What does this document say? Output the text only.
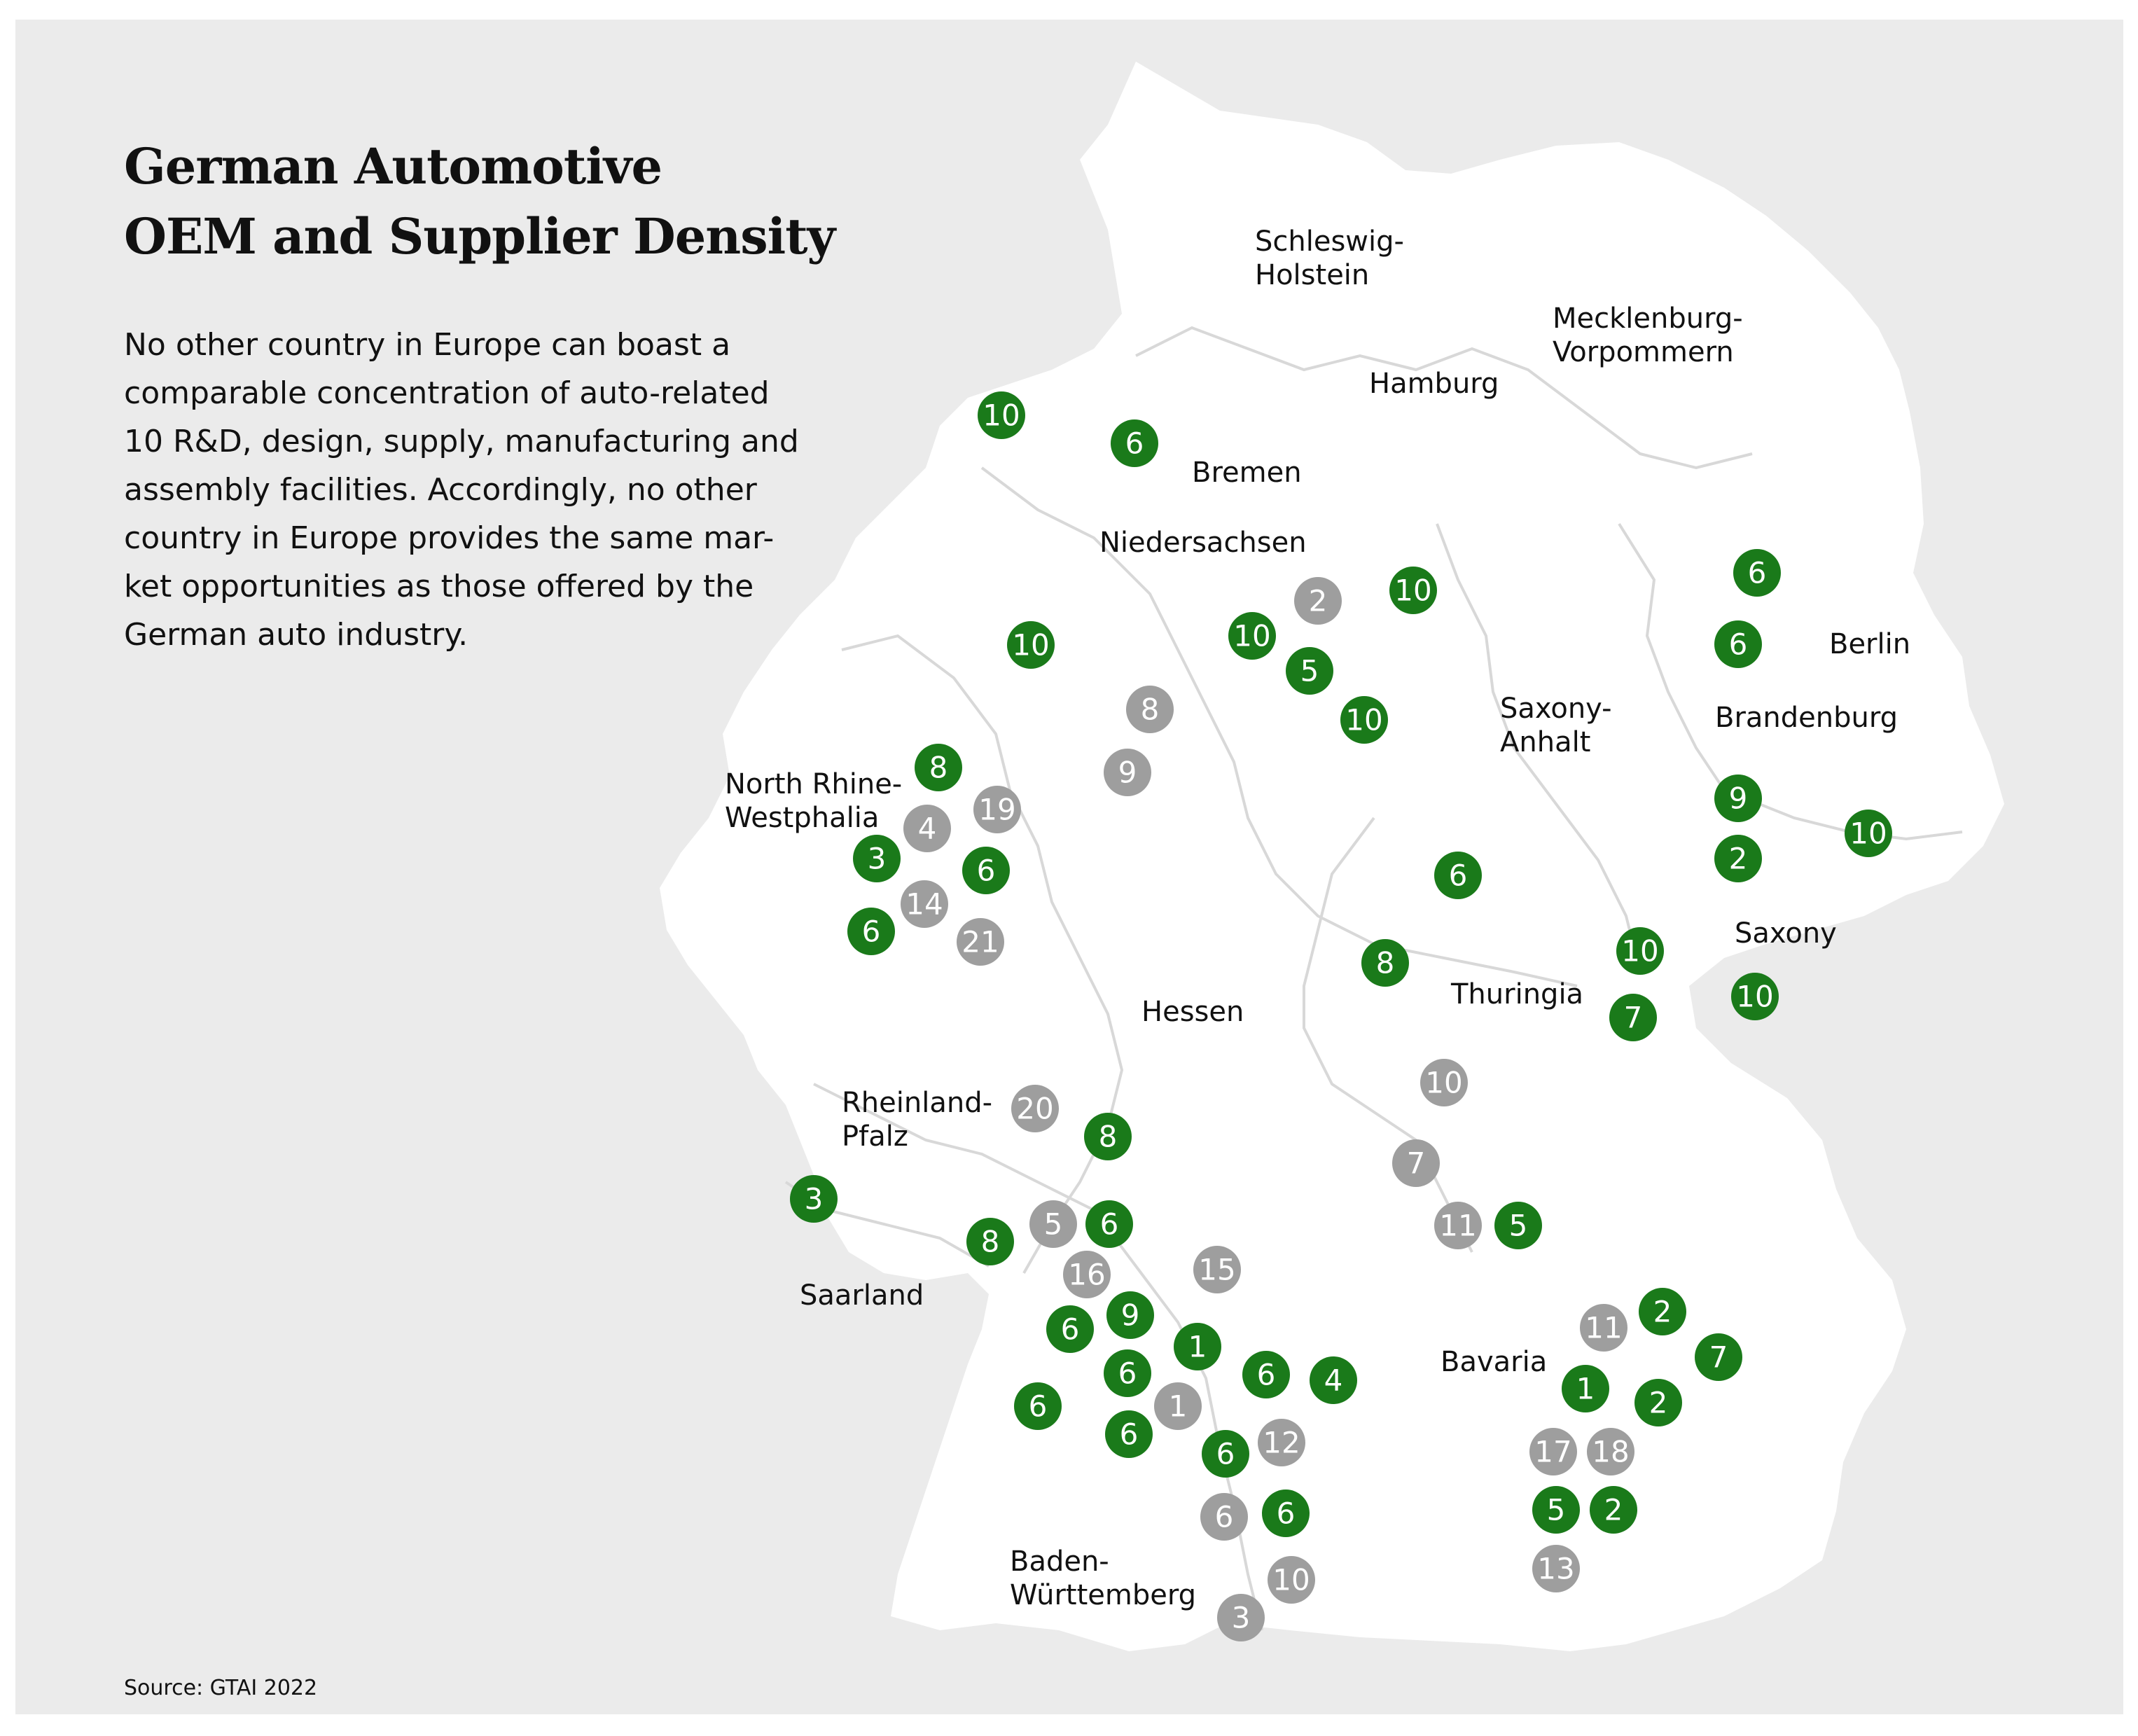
Schleswig-Holstein
Mecklenburg-Vorpommern
Hamburg
Bremen
Niedersachsen
Berlin
Brandenburg
Saxony-Anhalt
North Rhine-Westphalia
Saxony
Thuringia
Hessen
Rheinland-Pfalz
Saarland
Bavaria
Baden-Württemberg
10
6
10
8
9
2 10
10
5
10
6
6
8
4
19
3	6
14
6	21
9
2
10
6
8	10
7
10
20
8
3
10
7
11 5
8
5 6
16	15
6 9
1
6	6 4
6	1
6	12
6
6 6
10
3
11 2
7
1 2
17 18
5 2
13
German Automotive
OEM and Supplier Density
No other country in Europe can boast a
comparable concentration of auto-related
10 R&D, design, supply, manufacturing and
assembly facilities. Accordingly, no other
country in Europe provides the same mar-
ket opportunities as those offered by the
German auto industry.
Source: GTAI 2022
